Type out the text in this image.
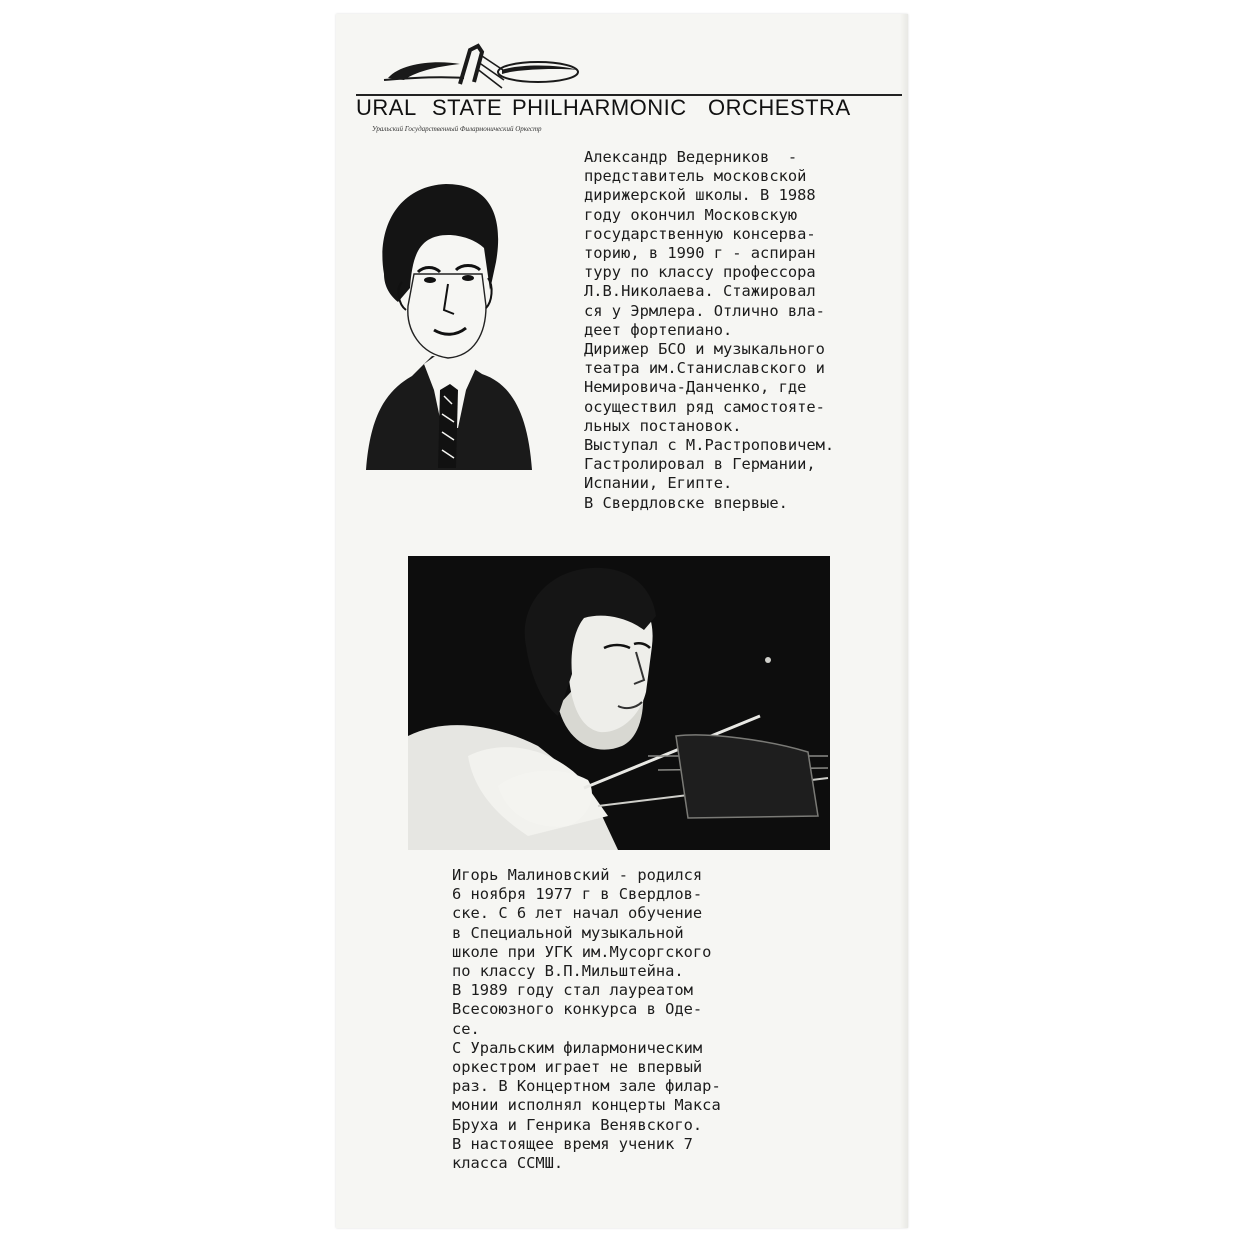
URAL STATE PHILHARMONIC ORCHESTRA
Уральский Государственный Филармонический Оркестр
Александр Ведерников  -
представитель московской
дирижерской школы. В 1988
году окончил Московскую
государственную консерва-
торию, в 1990 г - аспиран
туру по классу профессора
Л.В.Николаева. Стажировал
ся у Эрмлера. Отлично вла-
деет фортепиано.
Дирижер БСО и музыкального
театра им.Станиславского и
Немировича-Данченко, где
осуществил ряд самостоятe-
льных постановок.
Выступал с М.Растроповичем.
Гастролировал в Германии,
Испании, Египте.
В Свердловске впервые.
Игорь Малиновский - родился
6 ноября 1977 г в Свердлов-
ске. С 6 лет начал обучение
в Специальной музыкальной
школе при УГК им.Мусоргского
по классу В.П.Мильштейна.
В 1989 году стал лауреатом
Всесоюзного конкурса в Оде-
се.
С Уральским филармоническим
оркестром играет не впервый
раз. В Концертном зале филар-
монии исполнял концерты Макса
Бруха и Генрика Венявского.
В настоящее время ученик 7
класса ССМШ.
